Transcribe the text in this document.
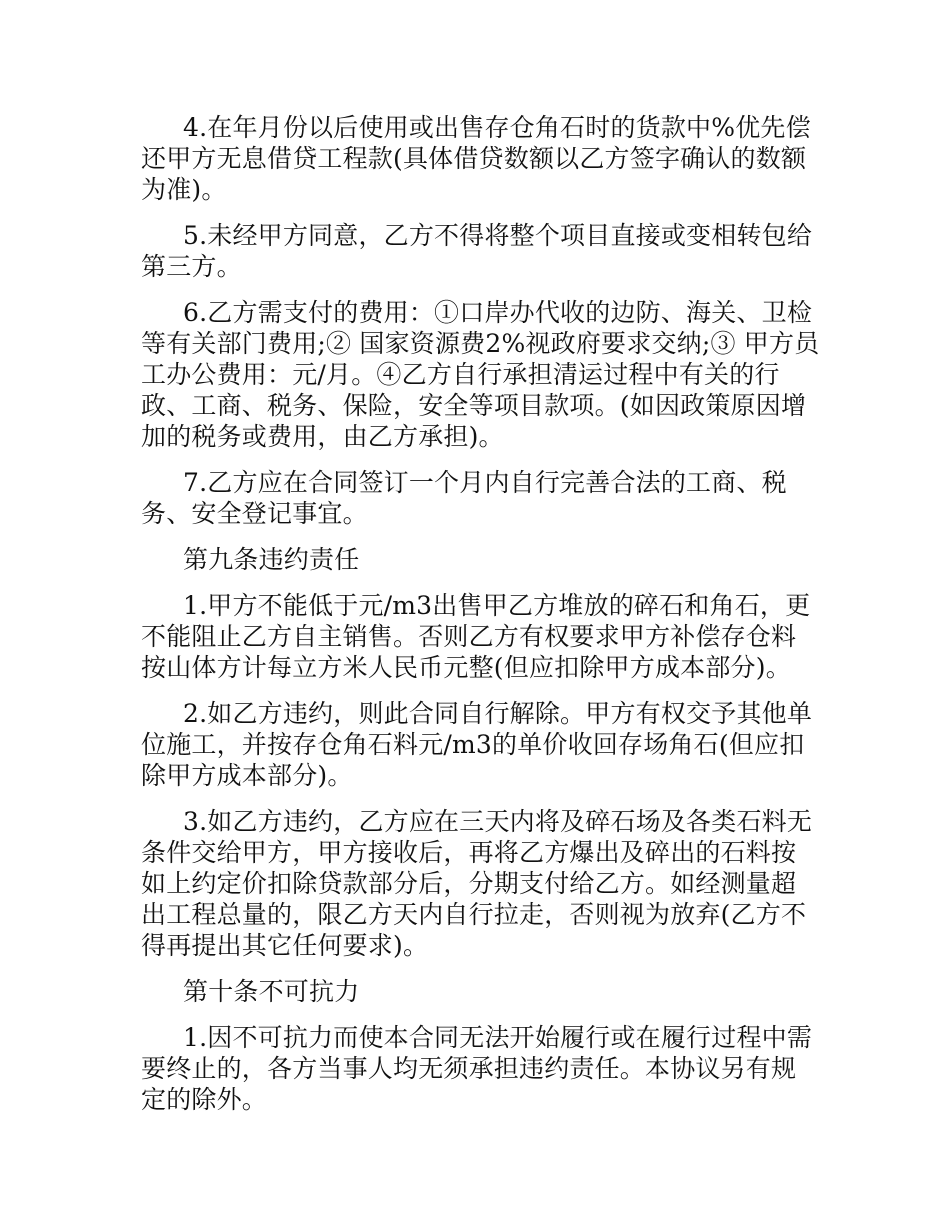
4.在年月份以后使用或出售存仓角石时的货款中%优先偿还甲方无息借贷工程款(具体借贷数额以乙方签字确认的数额为准)。

5.未经甲方同意，乙方不得将整个项目直接或变相转包给第三方。

6.乙方需支付的费用：①口岸办代收的边防、海关、卫检等有关部门费用;② 国家资源费2%视政府要求交纳;③ 甲方员工办公费用：元/月。④乙方自行承担清运过程中有关的行政、工商、税务、保险，安全等项目款项。(如因政策原因增加的税务或费用，由乙方承担)。

7.乙方应在合同签订一个月内自行完善合法的工商、税务、安全登记事宜。

第九条违约责任

1.甲方不能低于元/m3出售甲乙方堆放的碎石和角石，更不能阻止乙方自主销售。否则乙方有权要求甲方补偿存仓料按山体方计每立方米人民币元整(但应扣除甲方成本部分)。

2.如乙方违约，则此合同自行解除。甲方有权交予其他单位施工，并按存仓角石料元/m3的单价收回存场角石(但应扣除甲方成本部分)。

3.如乙方违约，乙方应在三天内将及碎石场及各类石料无条件交给甲方，甲方接收后，再将乙方爆出及碎出的石料按如上约定价扣除贷款部分后，分期支付给乙方。如经测量超出工程总量的，限乙方天内自行拉走，否则视为放弃(乙方不得再提出其它任何要求)。

第十条不可抗力

1.因不可抗力而使本合同无法开始履行或在履行过程中需要终止的，各方当事人均无须承担违约责任。本协议另有规定的除外。
